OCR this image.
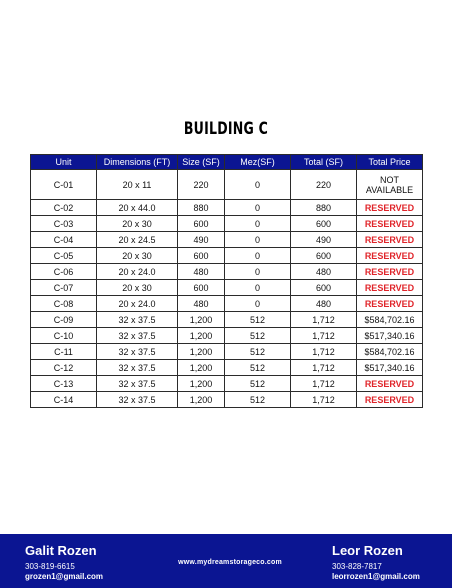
BUILDING C
Unit	Dimensions (FT)	Size (SF)	Mez(SF)	Total (SF)	Total Price
C-01	20 x 11	220	0	220	NOT AVAILABLE
C-02	20 x 44.0	880	0	880	RESERVED
C-03	20 x 30	600	0	600	RESERVED
C-04	20 x 24.5	490	0	490	RESERVED
C-05	20 x 30	600	0	600	RESERVED
C-06	20 x 24.0	480	0	480	RESERVED
C-07	20 x 30	600	0	600	RESERVED
C-08	20 x 24.0	480	0	480	RESERVED
C-09	32 x 37.5	1,200	512	1,712	$584,702.16
C-10	32 x 37.5	1,200	512	1,712	$517,340.16
C-11	32 x 37.5	1,200	512	1,712	$584,702.16
C-12	32 x 37.5	1,200	512	1,712	$517,340.16
C-13	32 x 37.5	1,200	512	1,712	RESERVED
C-14	32 x 37.5	1,200	512	1,712	RESERVED
Galit Rozen
303-819-6615
grozen1@gmail.com
www.mydreamstorageco.com
Leor Rozen
303-828-7817
leorrozen1@gmail.com
